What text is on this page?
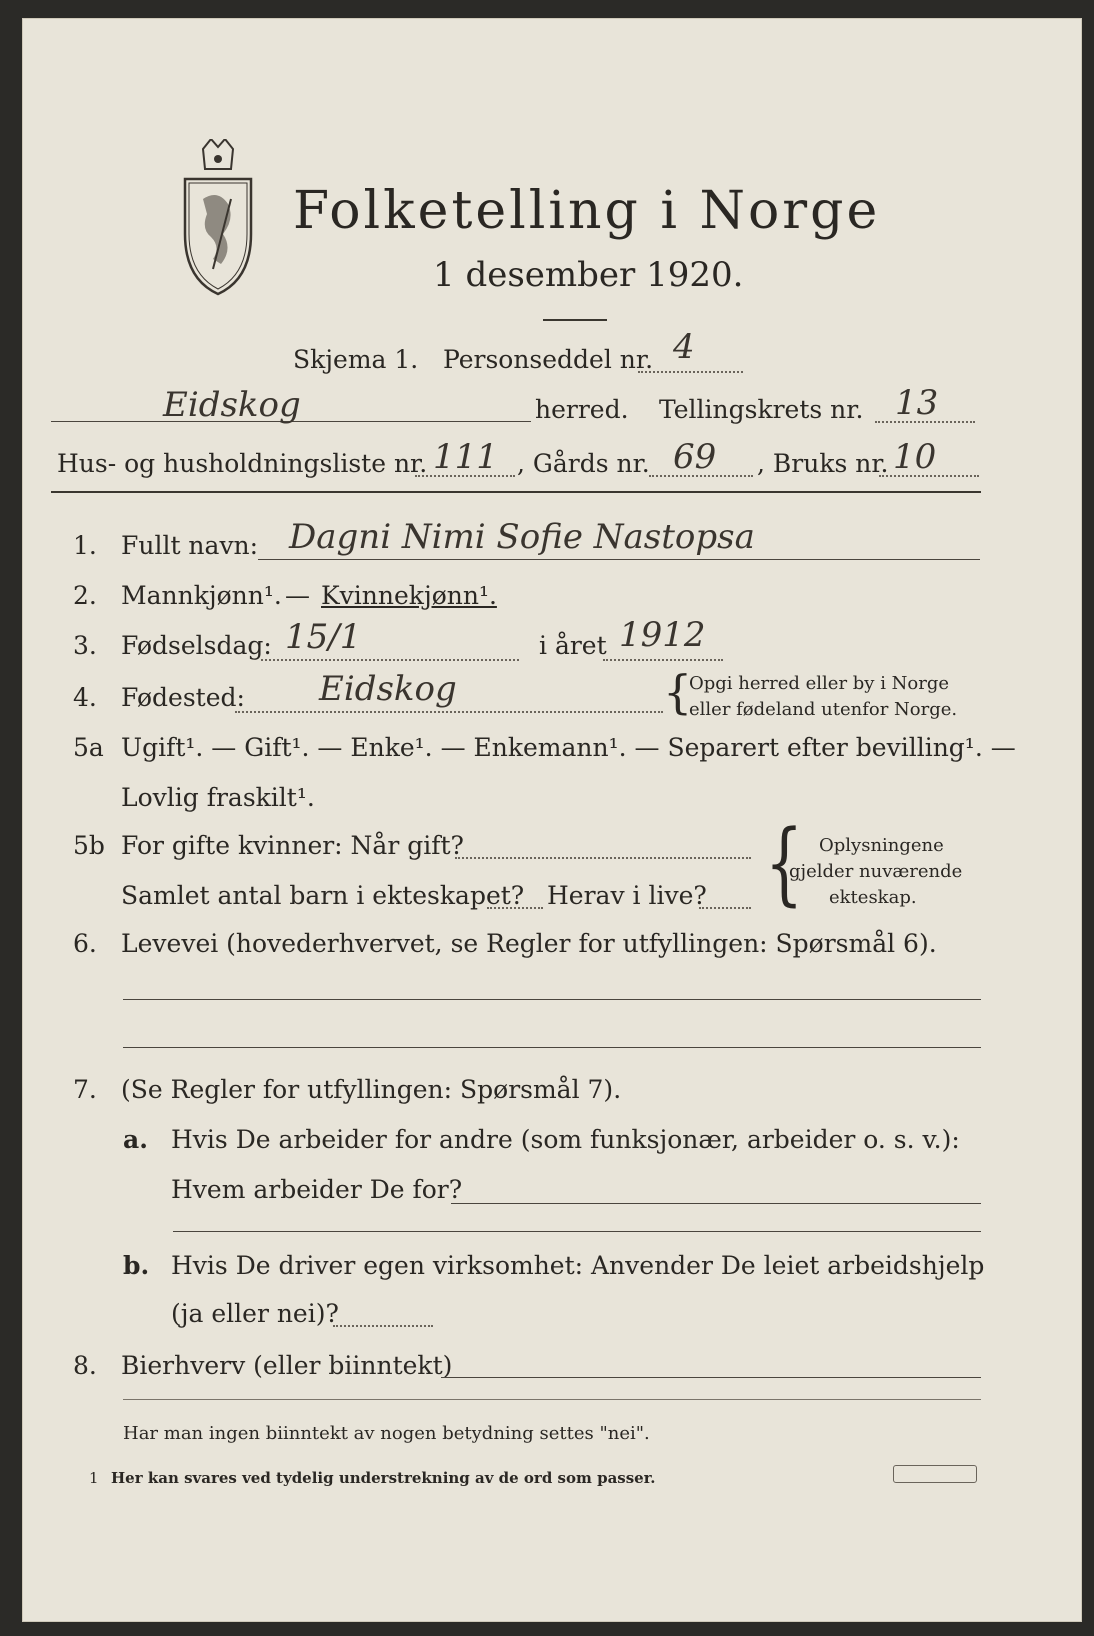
Folketelling i Norge
1 desember 1920.
Skjema 1. Personseddel nr. 4
Eidskog	herred. Tellingskrets nr. 13
Hus- og husholdningsliste nr. 111 , Gårds nr. 69 , Bruks nr. 10
1. Fullt navn: Dagni Nimi Sofie Nastopsa
2. Mannkjønn¹. — Kvinnekjønn¹.
3. Fødselsdag: 15/1	i året 1912
4. Fødested: Eidskog	{
Opgi herred eller by i Norge
eller fødeland utenfor Norge.
5a Ugift¹. — Gift¹. — Enke¹. — Enkemann¹. — Separert efter bevilling¹. —
Lovlig fraskilt¹.
5b For gifte kvinner: Når gift?
Samlet antal barn i ekteskapet? Herav i live? { Oplysningene
gjelder nuværende
ekteskap.
6. Levevei (hovederhvervet, se Regler for utfyllingen: Spørsmål 6).
7. (Se Regler for utfyllingen: Spørsmål 7).
a. Hvis De arbeider for andre (som funksjonær, arbeider o. s. v.):
Hvem arbeider De for?
b. Hvis De driver egen virksomhet: Anvender De leiet arbeidshjelp
(ja eller nei)?
8. Bierhverv (eller biinntekt)
Har man ingen biinntekt av nogen betydning settes "nei".
1 Her kan svares ved tydelig understrekning av de ord som passer.
